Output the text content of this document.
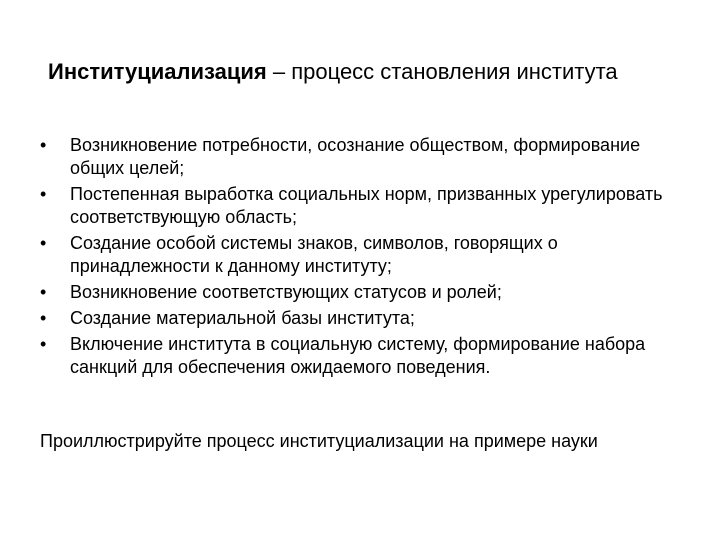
Институциализация – процесс становления института
•	Возникновение потребности, осознание обществом, формирование общих целей;
•	Постепенная выработка социальных норм, призванных урегулировать соответствующую область;
•	Создание особой системы знаков, символов, говорящих о принадлежности к данному институту;
•	Возникновение соответствующих статусов и ролей;
•	Создание материальной базы института;
•	Включение института в социальную систему, формирование набора санкций для обеспечения ожидаемого поведения.
Проиллюстрируйте процесс институциализации на примере науки
